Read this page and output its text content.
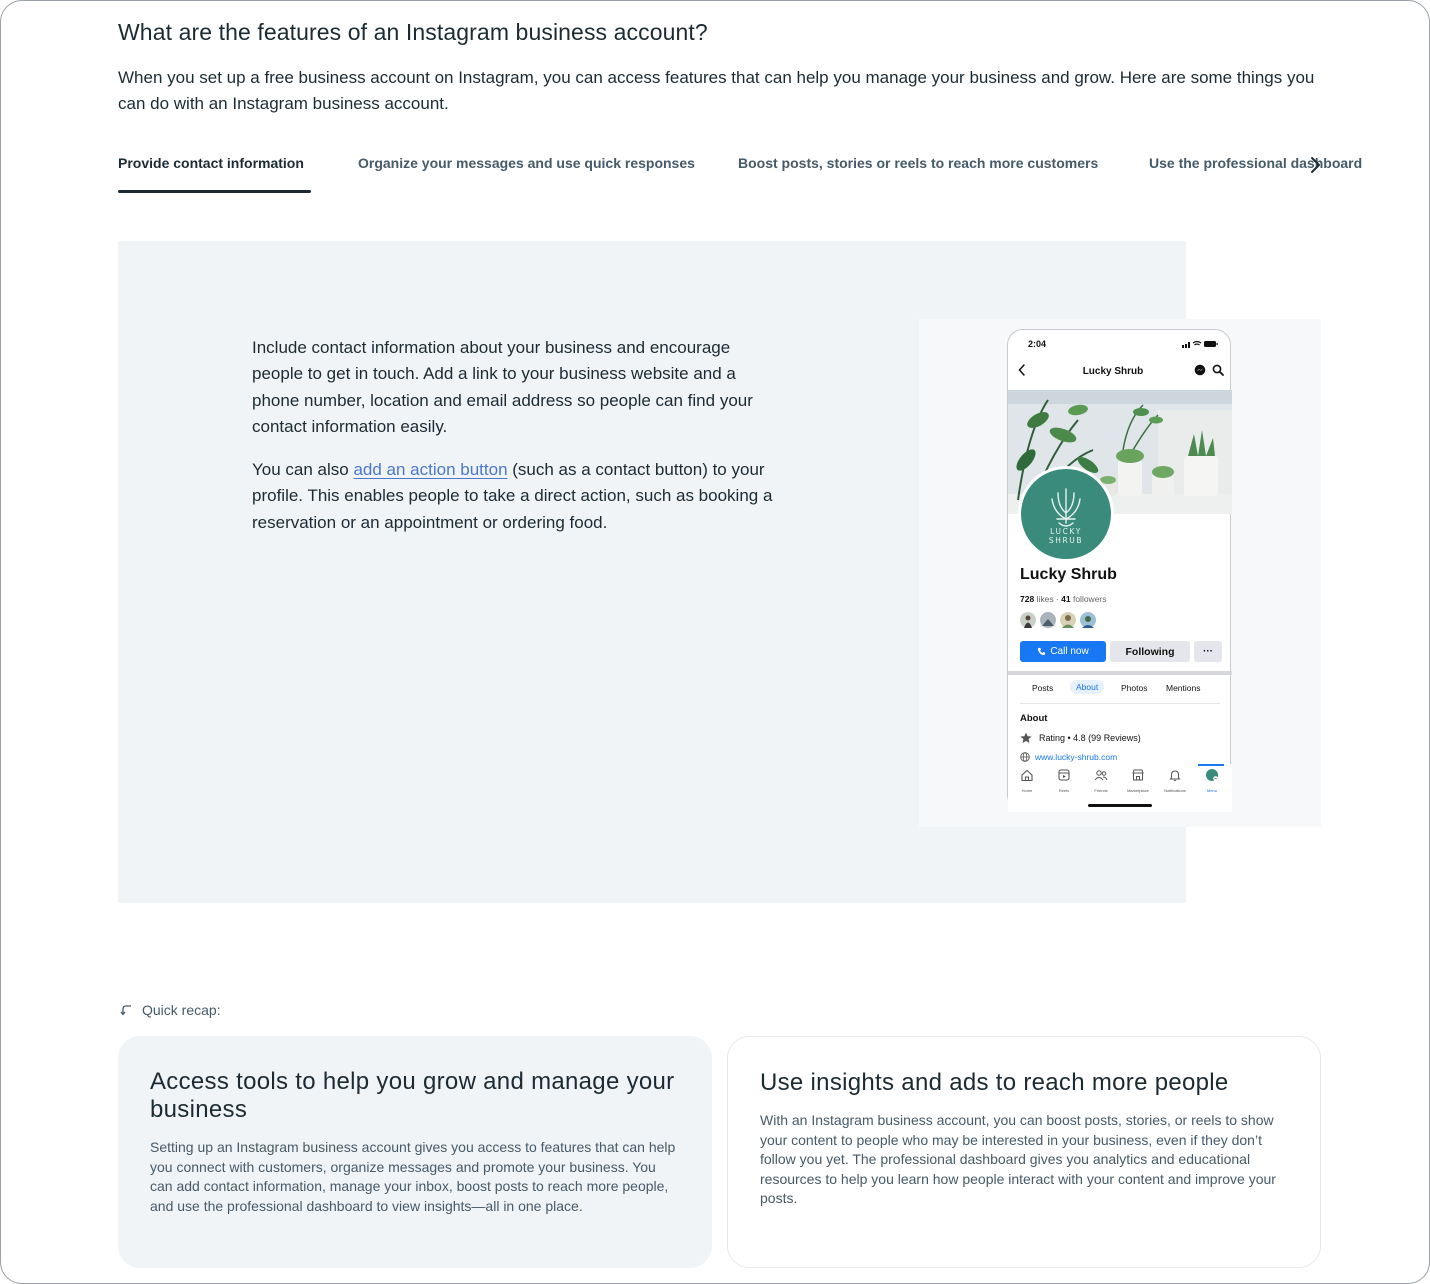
What are the features of an Instagram business account?

When you set up a free business account on Instagram, you can access features that can help you manage your business and grow. Here are some things you can do with an Instagram business account.

Provide contact information	Organize your messages and use quick responses	Boost posts, stories or reels to reach more customers	Use the professional dashboard

Include contact information about your business and encourage people to get in touch. Add a link to your business website and a phone number, location and email address so people can find your contact information easily.

You can also add an action button (such as a contact button) to your profile. This enables people to take a direct action, such as booking a reservation or an appointment or ordering food.

2:04
Lucky Shrub
LUCKY
SHRUB
Lucky Shrub
728 likes · 41 followers
Call now	Following	···
Posts	About	Photos Mentions
About
Rating • 4.8 (99 Reviews)
www.lucky-shrub.com
Home	Reels	Friends	Marketplace	Notifications	Menu
Quick recap:
Access tools to help you grow and manage your business

Setting up an Instagram business account gives you access to features that can help you connect with customers, organize messages and promote your business. You can add contact information, manage your inbox, boost posts to reach more people, and use the professional dashboard to view insights—all in one place.

Use insights and ads to reach more people

With an Instagram business account, you can boost posts, stories, or reels to show your content to people who may be interested in your business, even if they don’t follow you yet. The professional dashboard gives you analytics and educational resources to help you learn how people interact with your content and improve your posts.
